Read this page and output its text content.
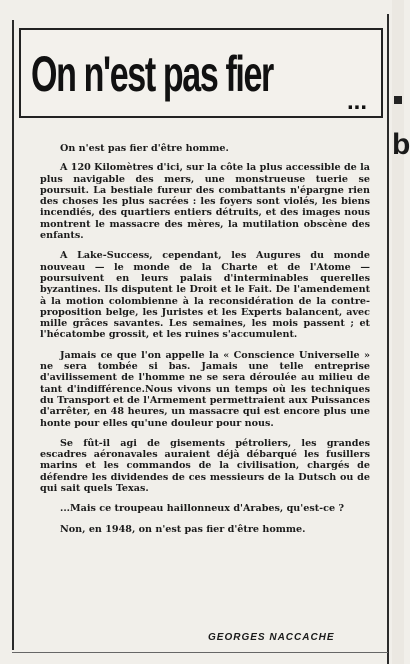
On n'est pas fier	...
b

On n'est pas fier d'être homme.

A 120 Kilomètres d'ici, sur la côte la plus accessible de la plus navigable des mers, une monstrueuse tuerie se poursuit. La bestiale fureur des combattants n'épargne rien des choses les plus sacrées : les foyers sont violés, les biens incendiés, des quartiers entiers détruits, et des images nous montrent le massacre des mères, la mutilation obscène des enfants.

A Lake-Success, cependant, les Augures du monde nouveau — le monde de la Charte et de l'Atome — poursuivent en leurs palais d'interminables querelles byzantines. Ils disputent le Droit et le Fait. De l'amendement à la motion colombienne à la reconsidération de la contre-proposition belge, les Juristes et les Experts balancent, avec mille grâces savantes. Les semaines, les mois passent ; et l'hécatombe grossit, et les ruines s'accumulent.

Jamais ce que l'on appelle la « Conscience Universelle » ne sera tombée si bas. Jamais une telle entreprise d'avilissement de l'homme ne se sera déroulée au milieu de tant d'indifférence.Nous vivons un temps où les techniques du Transport et de l'Armement permettraient aux Puissances d'arrêter, en 48 heures, un massacre qui est encore plus une honte pour elles qu'une douleur pour nous.

Se fût-il agi de gisements pétroliers, les grandes escadres aéronavales auraient déjà débarqué les fusillers marins et les commandos de la civilisation, chargés de défendre les dividendes de ces messieurs de la Dutsch ou de qui sait quels Texas.

...Mais ce troupeau haillonneux d'Arabes, qu'est-ce ?

Non, en 1948, on n'est pas fier d'être homme.

GEORGES NACCACHE
